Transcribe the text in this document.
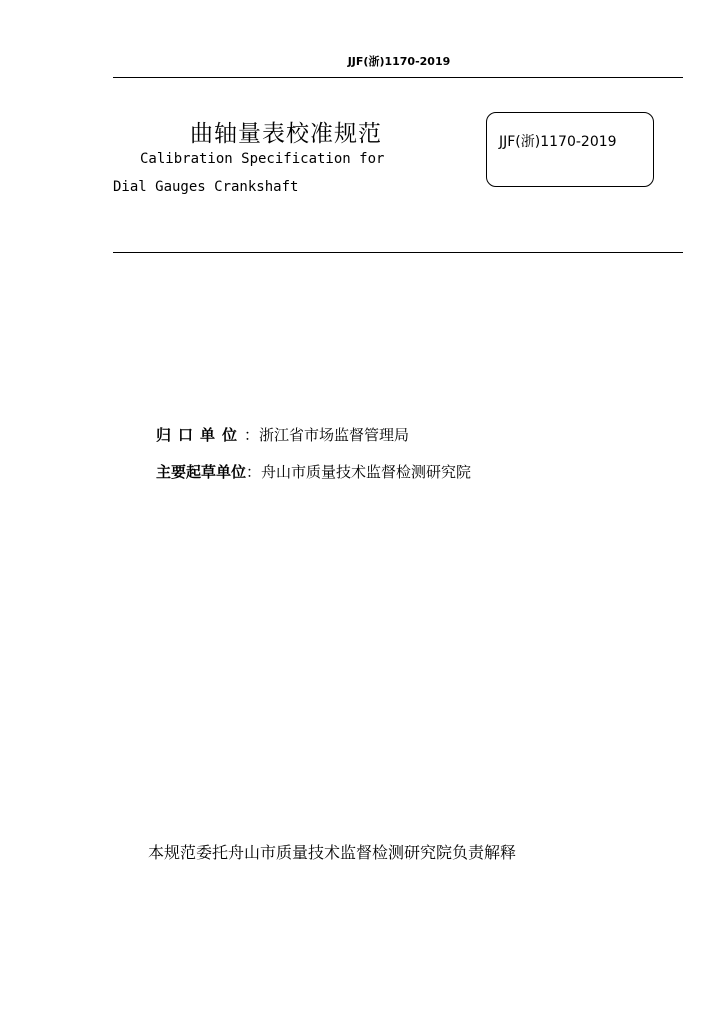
JJF(浙)1170-2019
曲轴量表校准规范
Calibration Specification for
Dial Gauges Crankshaft
JJF(浙)1170-2019
归口单位：浙江省市场监督管理局
主要起草单位：舟山市质量技术监督检测研究院
本规范委托舟山市质量技术监督检测研究院负责解释
